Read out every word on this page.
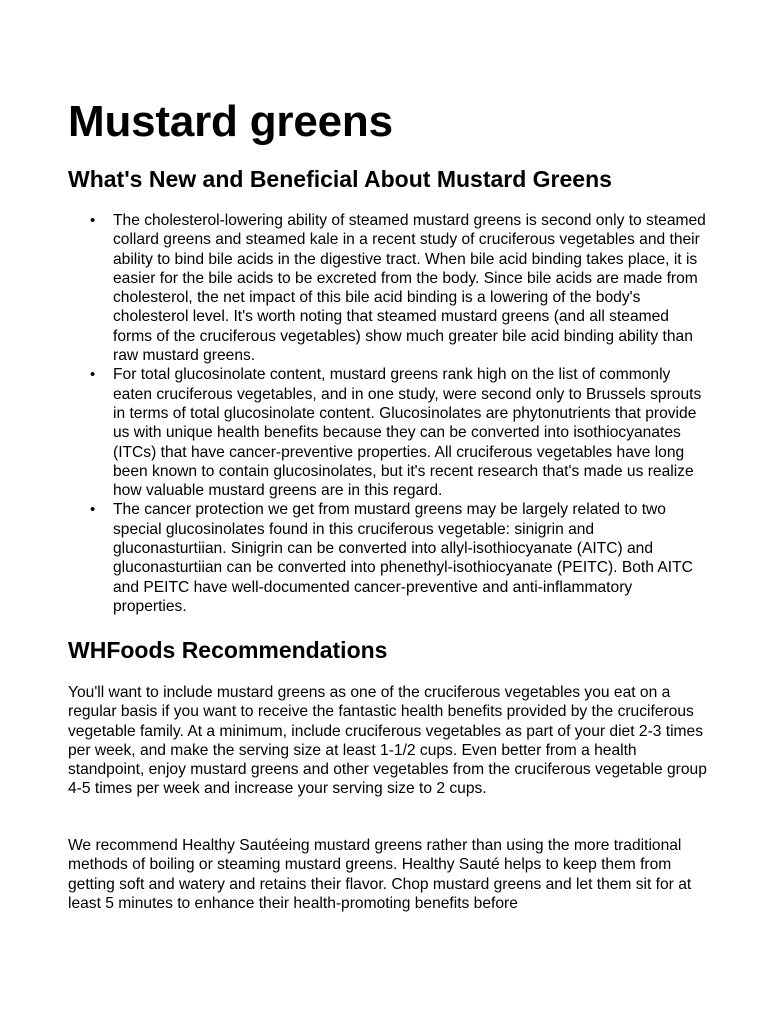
Mustard greens
What's New and Beneficial About Mustard Greens
• The cholesterol-lowering ability of steamed mustard greens is second only to steamed collard greens and steamed kale in a recent study of cruciferous vegetables and their ability to bind bile acids in the digestive tract. When bile acid binding takes place, it is easier for the bile acids to be excreted from the body. Since bile acids are made from cholesterol, the net impact of this bile acid binding is a lowering of the body's cholesterol level. It's worth noting that steamed mustard greens (and all steamed forms of the cruciferous vegetables) show much greater bile acid binding ability than raw mustard greens.
• For total glucosinolate content, mustard greens rank high on the list of commonly eaten cruciferous vegetables, and in one study, were second only to Brussels sprouts in terms of total glucosinolate content. Glucosinolates are phytonutrients that provide us with unique health benefits because they can be converted into isothiocyanates (ITCs) that have cancer-preventive properties. All cruciferous vegetables have long been known to contain glucosinolates, but it's recent research that's made us realize how valuable mustard greens are in this regard.
• The cancer protection we get from mustard greens may be largely related to two special glucosinolates found in this cruciferous vegetable: sinigrin and gluconasturtiian. Sinigrin can be converted into allyl-isothiocyanate (AITC) and gluconasturtiian can be converted into phenethyl-isothiocyanate (PEITC). Both AITC and PEITC have well-documented cancer-preventive and anti-inflammatory properties.
WHFoods Recommendations

You'll want to include mustard greens as one of the cruciferous vegetables you eat on a regular basis if you want to receive the fantastic health benefits provided by the cruciferous vegetable family. At a minimum, include cruciferous vegetables as part of your diet 2-3 times per week, and make the serving size at least 1-1/2 cups. Even better from a health standpoint, enjoy mustard greens and other vegetables from the cruciferous vegetable group 4-5 times per week and increase your serving size to 2 cups.

We recommend Healthy Sautéeing mustard greens rather than using the more traditional methods of boiling or steaming mustard greens. Healthy Sauté helps to keep them from getting soft and watery and retains their flavor. Chop mustard greens and let them sit for at least 5 minutes to enhance their health-promoting benefits before
